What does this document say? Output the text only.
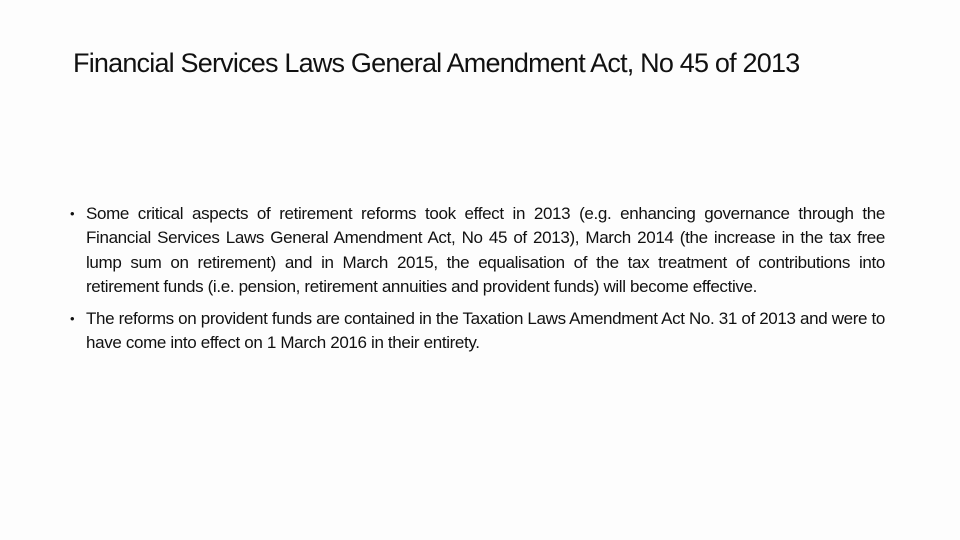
Financial Services Laws General Amendment Act, No 45 of 2013
• Some critical aspects of retirement reforms took effect in 2013 (e.g. enhancing governance through the Financial Services Laws General Amendment Act, No 45 of 2013), March 2014 (the increase in the tax free lump sum on retirement) and in March 2015, the equalisation of the tax treatment of contributions into retirement funds (i.e. pension, retirement annuities and provident funds) will become effective.
• The reforms on provident funds are contained in the Taxation Laws Amendment Act No. 31 of 2013 and were to have come into effect on 1 March 2016 in their entirety.
